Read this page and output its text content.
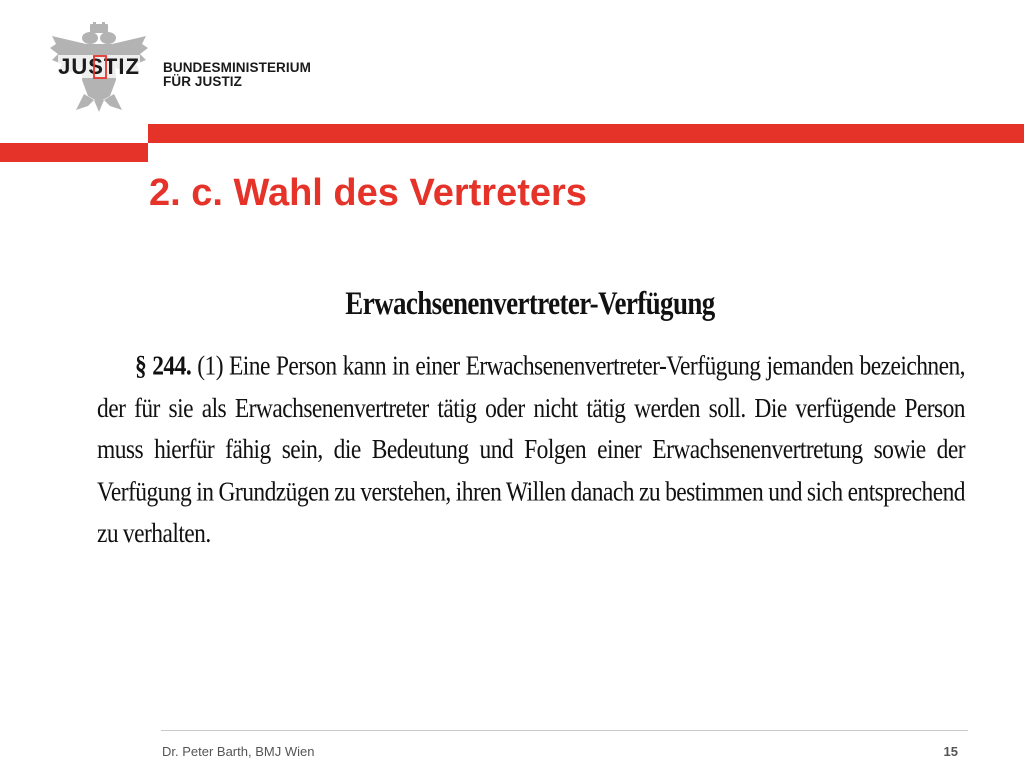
JUSTIZ BUNDESMINISTERIUM
FÜR JUSTIZ
2. c. Wahl des Vertreters
Erwachsenenvertreter-Verfügung

§ 244. (1) Eine Person kann in einer Erwachsenenvertreter-Verfügung jemanden bezeichnen, der für sie als Erwachsenenvertreter tätig oder nicht tätig werden soll. Die verfügende Person muss hierfür fähig sein, die Bedeutung und Folgen einer Erwachsenenvertretung sowie der Verfügung in Grundzügen zu verstehen, ihren Willen danach zu bestimmen und sich entsprechend zu verhalten.

Dr. Peter Barth, BMJ Wien	15
